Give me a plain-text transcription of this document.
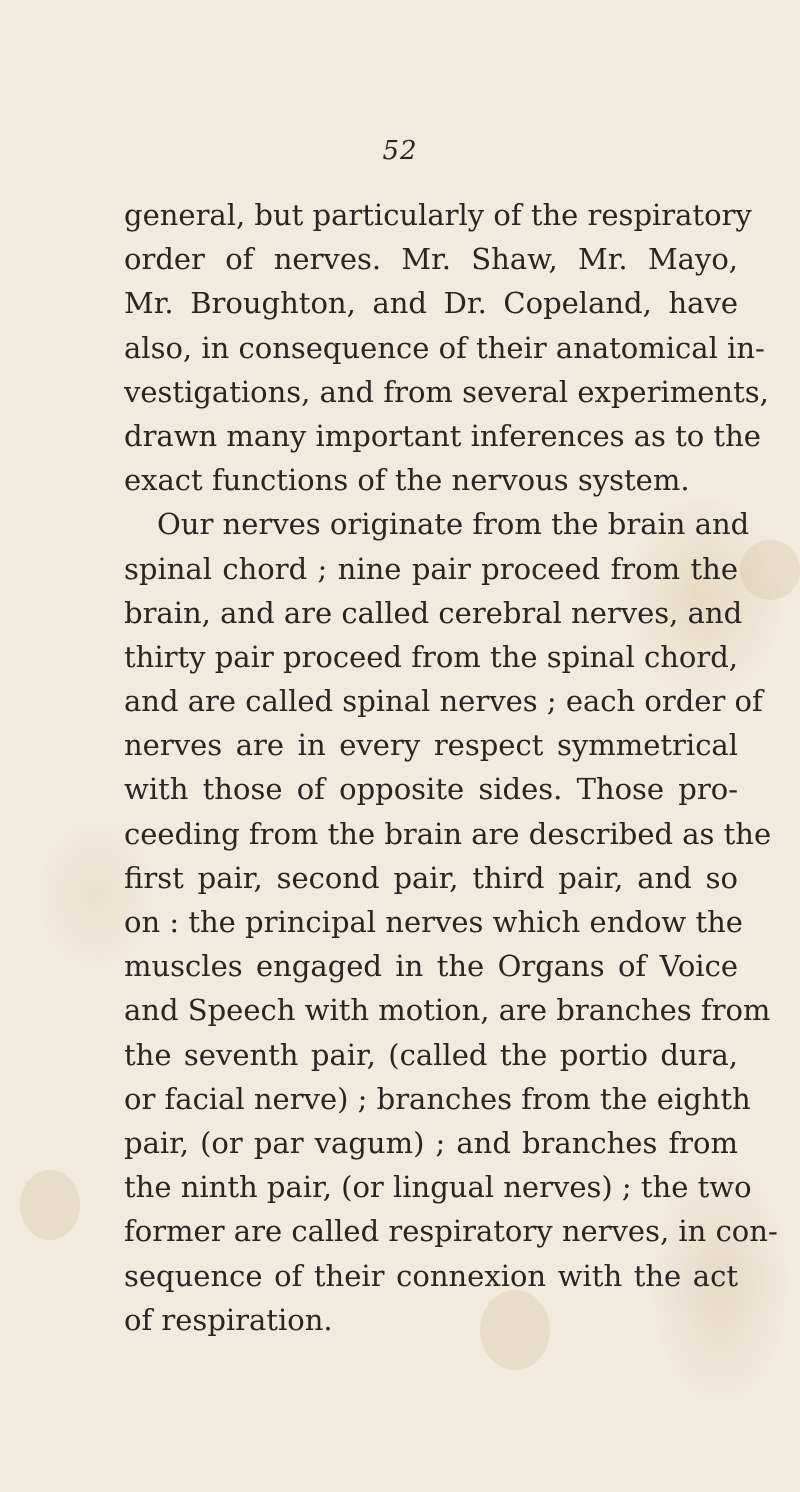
52
general, but particularly of the respiratory
order of nerves. Mr. Shaw, Mr. Mayo,
Mr. Broughton, and Dr. Copeland, have
also, in consequence of their anatomical in-
vestigations, and from several experiments,
drawn many important inferences as to the
exact functions of the nervous system.
Our nerves originate from the brain and
spinal chord ; nine pair proceed from the
brain, and are called cerebral nerves, and
thirty pair proceed from the spinal chord,
and are called spinal nerves ; each order of
nerves are in every respect symmetrical
with those of opposite sides. Those pro-
ceeding from the brain are described as the
first pair, second pair, third pair, and so
on : the principal nerves which endow the
muscles engaged in the Organs of Voice
and Speech with motion, are branches from
the seventh pair, (called the portio dura,
or facial nerve) ; branches from the eighth
pair, (or par vagum) ; and branches from
the ninth pair, (or lingual nerves) ; the two
former are called respiratory nerves, in con-
sequence of their connexion with the act
of respiration.
